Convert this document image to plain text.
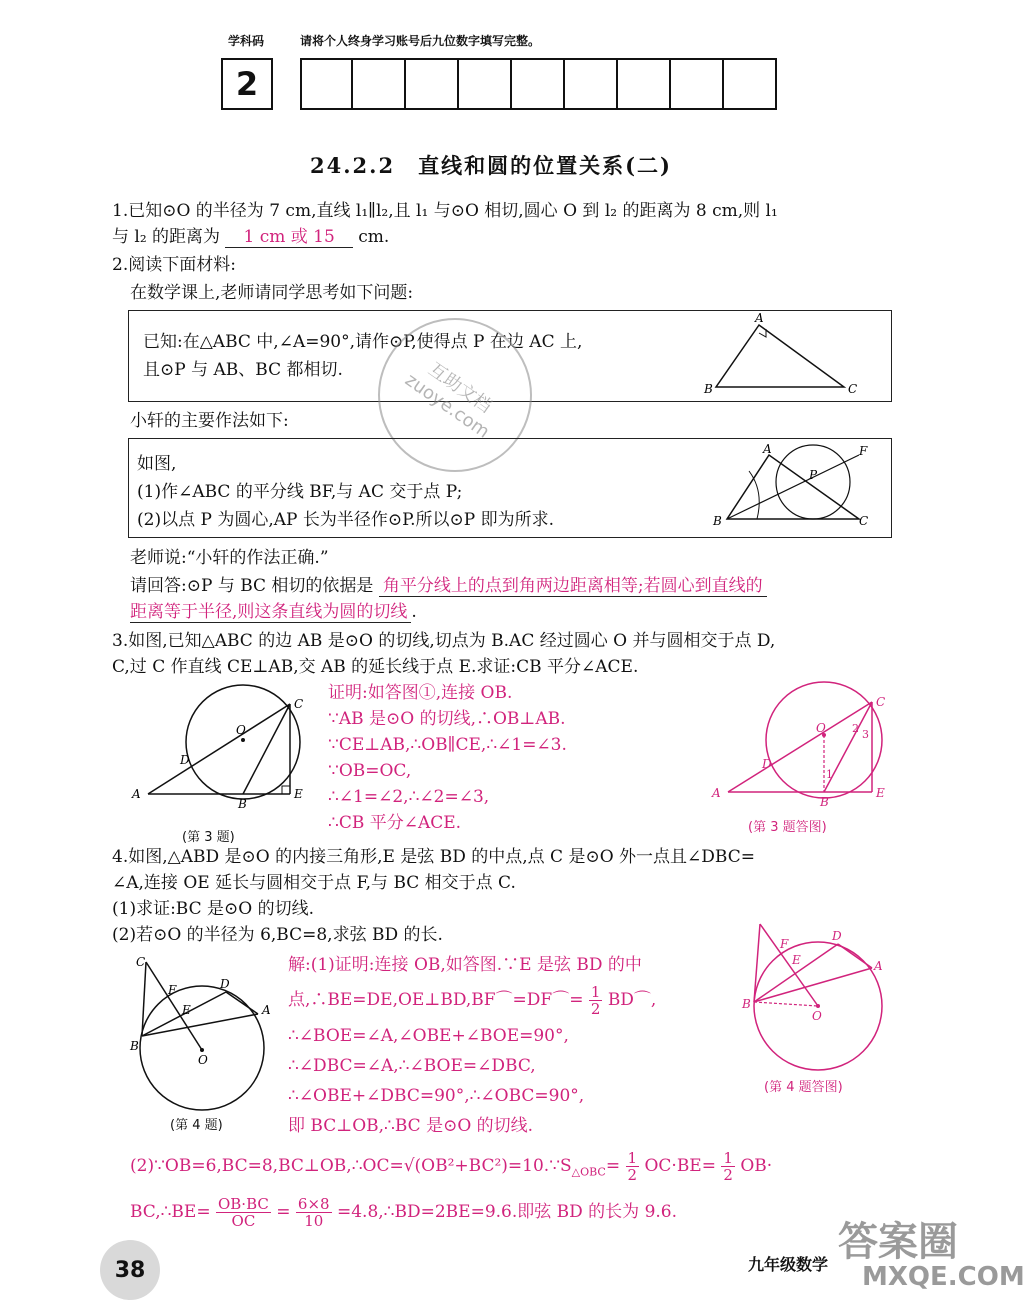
学科码	请将个人终身学习账号后九位数字填写完整。
2
24.2.2　直线和圆的位置关系(二)
1.已知⊙O 的半径为 7 cm,直线 l₁∥l₂,且 l₁ 与⊙O 相切,圆心 O 到 l₂ 的距离为 8 cm,则 l₁
与 l₂ 的距离为 1 cm 或 15 cm.
2.阅读下面材料:
在数学课上,老师请同学思考如下问题:
已知:在△ABC 中,∠A=90°,请作⊙P,使得点 P 在边 AC 上,
且⊙P 与 AB、BC 都相切.
A
B	C
互助文档 zuoye.com
小轩的主要作法如下:
如图,
(1)作∠ABC 的平分线 BF,与 AC 交于点 P;
(2)以点 P 为圆心,AP 长为半径作⊙P.所以⊙P 即为所求.
A
B	C
F
P
老师说:“小轩的作法正确.”
请回答:⊙P 与 BC 相切的依据是 角平分线上的点到角两边距离相等;若圆心到直线的
距离等于半径,则这条直线为圆的切线 .
3.如图,已知△ABC 的边 AB 是⊙O 的切线,切点为 B.AC 经过圆心 O 并与圆相交于点 D,
C,过 C 作直线 CE⊥AB,交 AB 的延长线于点 E.求证:CB 平分∠ACE.
O
A
B
C
D
E
(第 3 题)
证明:如答图①,连接 OB.
∵AB 是⊙O 的切线,∴OB⊥AB.
∵CE⊥AB,∴OB∥CE,∴∠1=∠3.
∵OB=OC,
∴∠1=∠2,∴∠2=∠3,
∴CB 平分∠ACE.
O
A
B
C
D
E
1
2 3
(第 3 题答图)
4.如图,△ABD 是⊙O 的内接三角形,E 是弦 BD 的中点,点 C 是⊙O 外一点且∠DBC=
∠A,连接 OE 延长与圆相交于点 F,与 BC 相交于点 C.
(1)求证:BC 是⊙O 的切线.
(2)若⊙O 的半径为 6,BC=8,求弦 BD 的长.
C
F	D
A
B
E
O
(第 4 题)
解:(1)证明:连接 OB,如答图.∵E 是弦 BD 的中
点,∴BE=DE,OE⊥BD,BF⌒=DF⌒= $\frac{1}{2}$ BD⌒,
∴∠BOE=∠A,∠OBE+∠BOE=90°,
∴∠DBC=∠A,∴∠BOE=∠DBC,
∴∠OBE+∠DBC=90°,∴∠OBC=90°,
即 BC⊥OB,∴BC 是⊙O 的切线.
F
D
A
B
E
O
(第 4 题答图)
$(2)\because OB=6,BC=8,BC\perp OB,\therefore OC=√(OB^2+BC^2)=10.\because S_{\triangle OBC}= \frac{1}{2} OC\cdot BE= \frac{1}{2} OB\cdot$
BC,∴BE= $\frac{OB\cdot BC}{OC} = \frac{6\times 8}{10}$ =4.8,∴BD=2BE=9.6.即弦 BD 的长为 9.6.
38	九年级数学 答案圈
MXQE.COM
